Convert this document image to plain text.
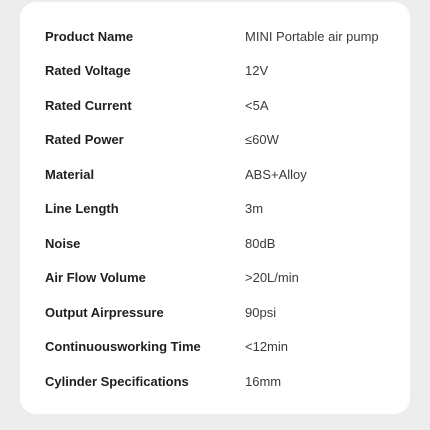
Product Name	MINI Portable air pump
Rated Voltage	12V
Rated Current	<5A
Rated Power	≤60W
Material	ABS+Alloy
Line Length	3m
Noise	80dB
Air Flow Volume	>20L/min
Output Airpressure	90psi
Continuousworking Time	<12min
Cylinder Specifications	16mm
